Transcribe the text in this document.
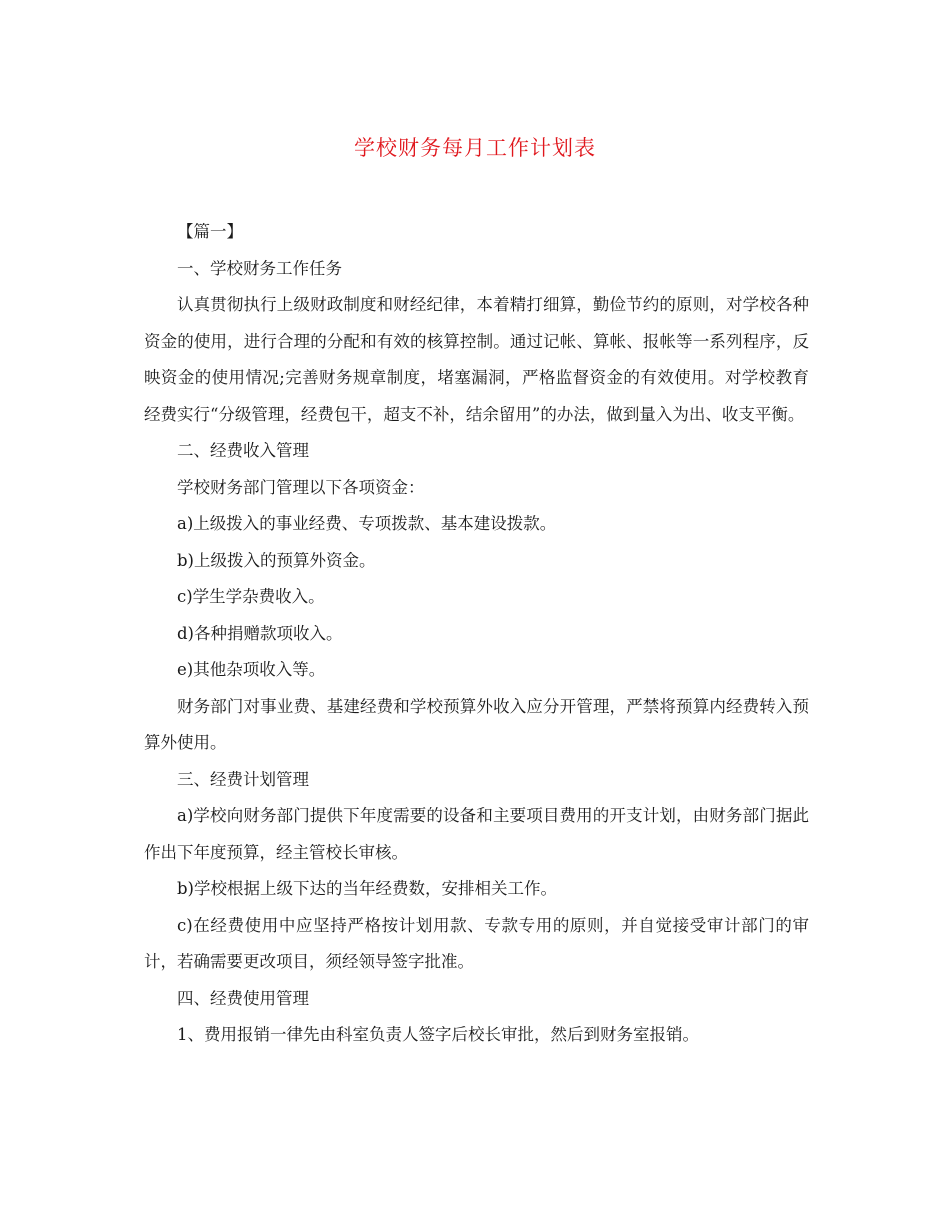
学校财务每月工作计划表

【篇一】

一、学校财务工作任务

认真贯彻执行上级财政制度和财经纪律，本着精打细算，勤俭节约的原则，对学校各种资金的使用，进行合理的分配和有效的核算控制。通过记帐、算帐、报帐等一系列程序，反映资金的使用情况;完善财务规章制度，堵塞漏洞，严格监督资金的有效使用。对学校教育经费实行“分级管理，经费包干，超支不补，结余留用”的办法，做到量入为出、收支平衡。

二、经费收入管理

学校财务部门管理以下各项资金：

a)上级拨入的事业经费、专项拨款、基本建设拨款。

b)上级拨入的预算外资金。

c)学生学杂费收入。

d)各种捐赠款项收入。

e)其他杂项收入等。

财务部门对事业费、基建经费和学校预算外收入应分开管理，严禁将预算内经费转入预算外使用。

三、经费计划管理

a)学校向财务部门提供下年度需要的设备和主要项目费用的开支计划，由财务部门据此作出下年度预算，经主管校长审核。

b)学校根据上级下达的当年经费数，安排相关工作。

c)在经费使用中应坚持严格按计划用款、专款专用的原则，并自觉接受审计部门的审计，若确需要更改项目，须经领导签字批准。

四、经费使用管理

1、费用报销一律先由科室负责人签字后校长审批，然后到财务室报销。
